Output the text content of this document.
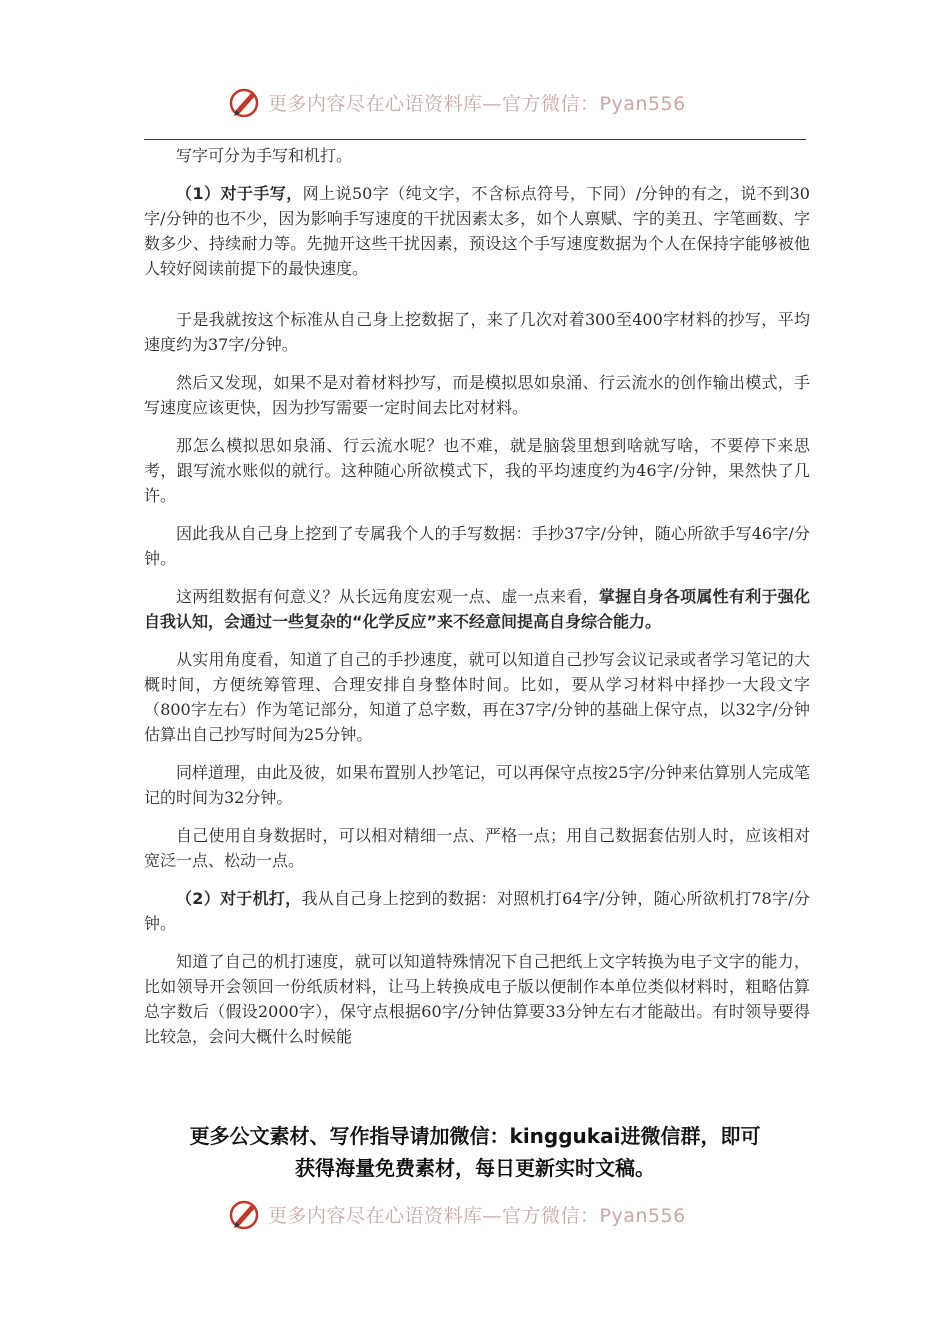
更多内容尽在心语资料库—官方微信：Pyan556

写字可分为手写和机打。

（1）对于手写，网上说50字（纯文字，不含标点符号，下同）/分钟的有之，说不到30字/分钟的也不少，因为影响手写速度的干扰因素太多，如个人禀赋、字的美丑、字笔画数、字数多少、持续耐力等。先抛开这些干扰因素，预设这个手写速度数据为个人在保持字能够被他人较好阅读前提下的最快速度。

于是我就按这个标准从自己身上挖数据了，来了几次对着300至400字材料的抄写，平均速度约为37字/分钟。

然后又发现，如果不是对着材料抄写，而是模拟思如泉涌、行云流水的创作输出模式，手写速度应该更快，因为抄写需要一定时间去比对材料。

那怎么模拟思如泉涌、行云流水呢？也不难，就是脑袋里想到啥就写啥，不要停下来思考，跟写流水账似的就行。这种随心所欲模式下，我的平均速度约为46字/分钟，果然快了几许。

因此我从自己身上挖到了专属我个人的手写数据：手抄37字/分钟，随心所欲手写46字/分钟。

这两组数据有何意义？从长远角度宏观一点、虚一点来看，掌握自身各项属性有利于强化自我认知，会通过一些复杂的“化学反应”来不经意间提高自身综合能力。

从实用角度看，知道了自己的手抄速度，就可以知道自己抄写会议记录或者学习笔记的大概时间，方便统筹管理、合理安排自身整体时间。比如，要从学习材料中择抄一大段文字（800字左右）作为笔记部分，知道了总字数，再在37字/分钟的基础上保守点，以32字/分钟估算出自己抄写时间为25分钟。

同样道理，由此及彼，如果布置别人抄笔记，可以再保守点按25字/分钟来估算别人完成笔记的时间为32分钟。

自己使用自身数据时，可以相对精细一点、严格一点；用自己数据套估别人时，应该相对宽泛一点、松动一点。

（2）对于机打，我从自己身上挖到的数据：对照机打64字/分钟，随心所欲机打78字/分钟。

知道了自己的机打速度，就可以知道特殊情况下自己把纸上文字转换为电子文字的能力，比如领导开会领回一份纸质材料，让马上转换成电子版以便制作本单位类似材料时，粗略估算总字数后（假设2000字），保守点根据60字/分钟估算要33分钟左右才能敲出。有时领导要得比较急，会问大概什么时候能

更多公文素材、写作指导请加微信：kinggukai进微信群，即可
获得海量免费素材，每日更新实时文稿。
更多内容尽在心语资料库—官方微信：Pyan556
